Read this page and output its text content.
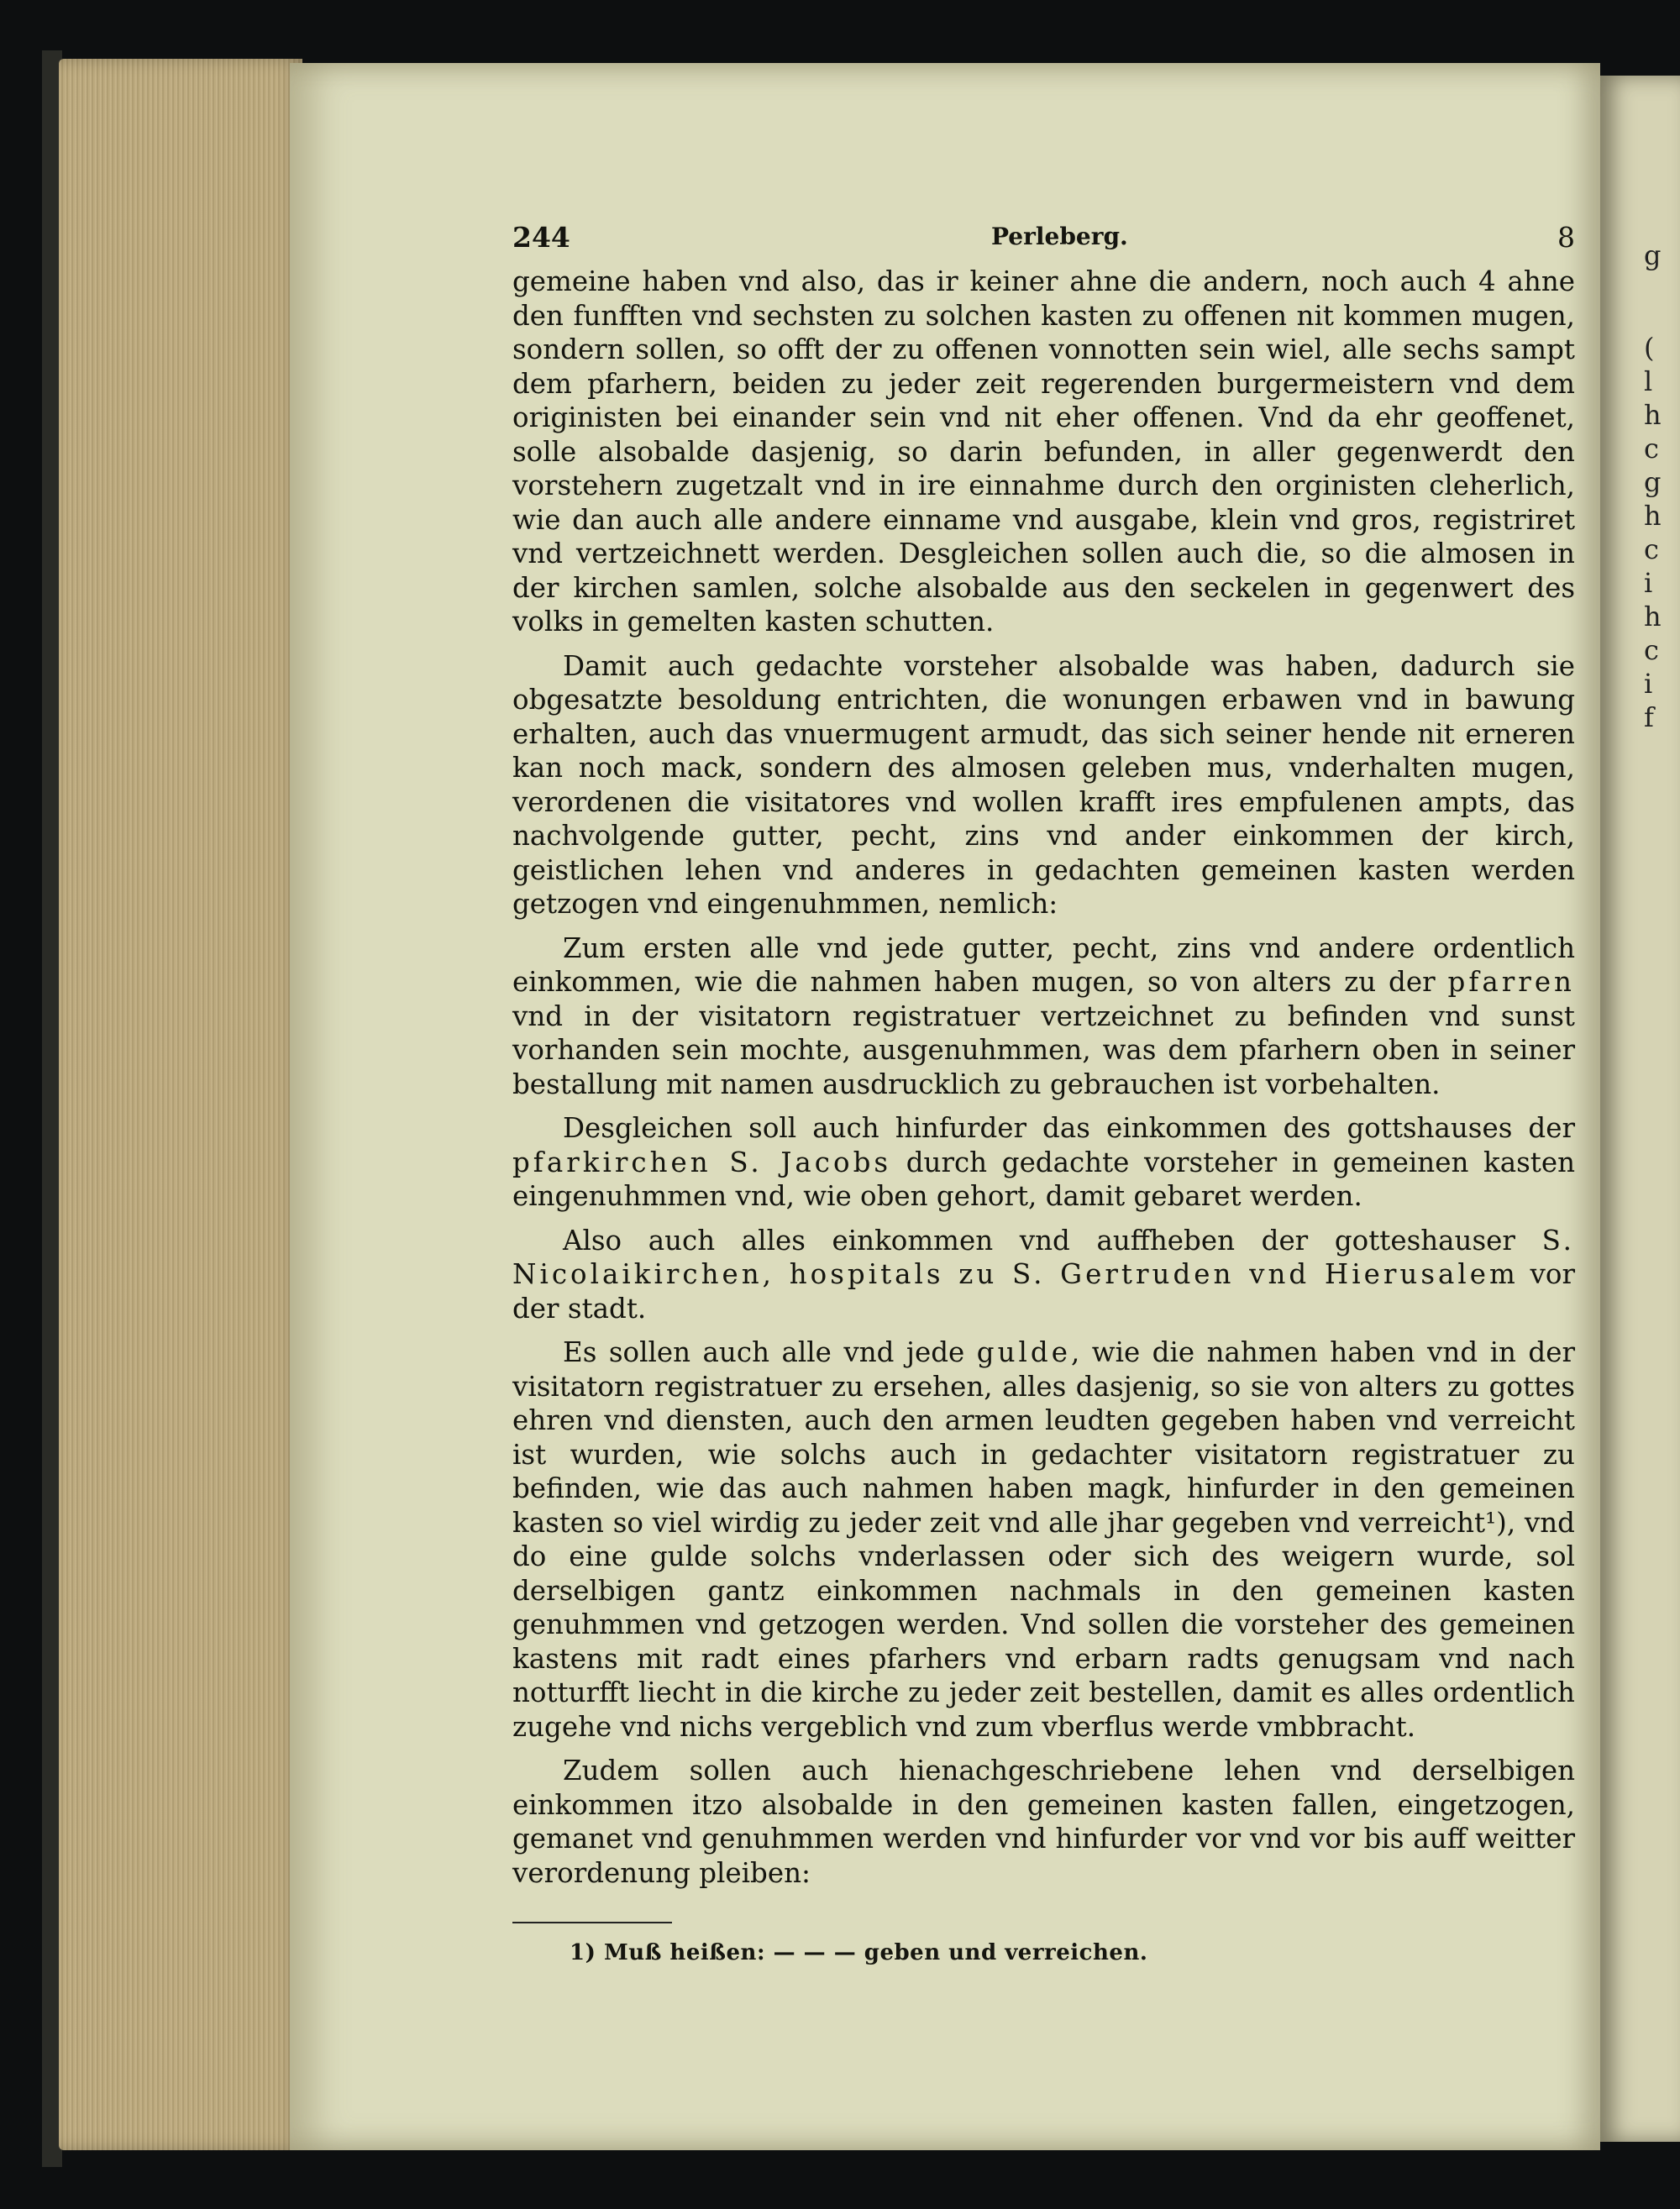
g
(
l
h
c
g
h
c
i
h
c
i
f
244	Perleberg.	8

gemeine haben vnd also, das ir keiner ahne die andern, noch auch 4 ahne den funfften vnd sechsten zu solchen kasten zu offenen nit kommen mugen, sondern sollen, so offt der zu offenen vonnotten sein wiel, alle sechs sampt dem pfarhern, beiden zu jeder zeit regerenden burgermeistern vnd dem originisten bei einander sein vnd nit eher offenen. Vnd da ehr geoffenet, solle alsobalde dasjenig, so darin befunden, in aller gegenwerdt den vorstehern zugetzalt vnd in ire einnahme durch den orginisten cleherlich, wie dan auch alle andere einname vnd ausgabe, klein vnd gros, registriret vnd vertzeichnett werden. Desgleichen sollen auch die, so die almosen in der kirchen samlen, solche alsobalde aus den seckelen in gegenwert des volks in gemelten kasten schutten.

Damit auch gedachte vorsteher alsobalde was haben, dadurch sie obgesatzte besoldung entrichten, die wonungen erbawen vnd in bawung erhalten, auch das vnuermugent armudt, das sich seiner hende nit erneren kan noch mack, sondern des almosen geleben mus, vnderhalten mugen, verordenen die visitatores vnd wollen krafft ires empfulenen ampts, das nachvolgende gutter, pecht, zins vnd ander einkommen der kirch, geistlichen lehen vnd anderes in gedachten gemeinen kasten werden getzogen vnd eingenuhmmen, nemlich:

Zum ersten alle vnd jede gutter, pecht, zins vnd andere ordentlich einkommen, wie die nahmen haben mugen, so von alters zu der pfarren vnd in der visitatorn registratuer vertzeichnet zu befinden vnd sunst vorhanden sein mochte, ausgenuhmmen, was dem pfarhern oben in seiner bestallung mit namen ausdrucklich zu gebrauchen ist vorbehalten.

Desgleichen soll auch hinfurder das einkommen des gottshauses der pfarkirchen S. Jacobs durch gedachte vorsteher in gemeinen kasten eingenuhmmen vnd, wie oben gehort, damit gebaret werden.

Also auch alles einkommen vnd auffheben der gotteshauser S. Nicolaikirchen, hospitals zu S. Gertruden vnd Hierusalem vor der stadt.

Es sollen auch alle vnd jede gulde, wie die nahmen haben vnd in der visitatorn registratuer zu ersehen, alles dasjenig, so sie von alters zu gottes ehren vnd diensten, auch den armen leudten gegeben haben vnd verreicht ist wurden, wie solchs auch in gedachter visitatorn registratuer zu befinden, wie das auch nahmen haben magk, hinfurder in den gemeinen kasten so viel wirdig zu jeder zeit vnd alle jhar gegeben vnd verreicht¹), vnd do eine gulde solchs vnderlassen oder sich des weigern wurde, sol derselbigen gantz einkommen nachmals in den gemeinen kasten genuhmmen vnd getzogen werden. Vnd sollen die vorsteher des gemeinen kastens mit radt eines pfarhers vnd erbarn radts genugsam vnd nach notturfft liecht in die kirche zu jeder zeit bestellen, damit es alles ordentlich zugehe vnd nichs vergeblich vnd zum vberflus werde vmbbracht.

Zudem sollen auch hienachgeschriebene lehen vnd derselbigen einkommen itzo alsobalde in den gemeinen kasten fallen, eingetzogen, gemanet vnd genuhmmen werden vnd hinfurder vor vnd vor bis auff weitter verordenung pleiben:

1) Muß heißen: — — — geben und verreichen.
